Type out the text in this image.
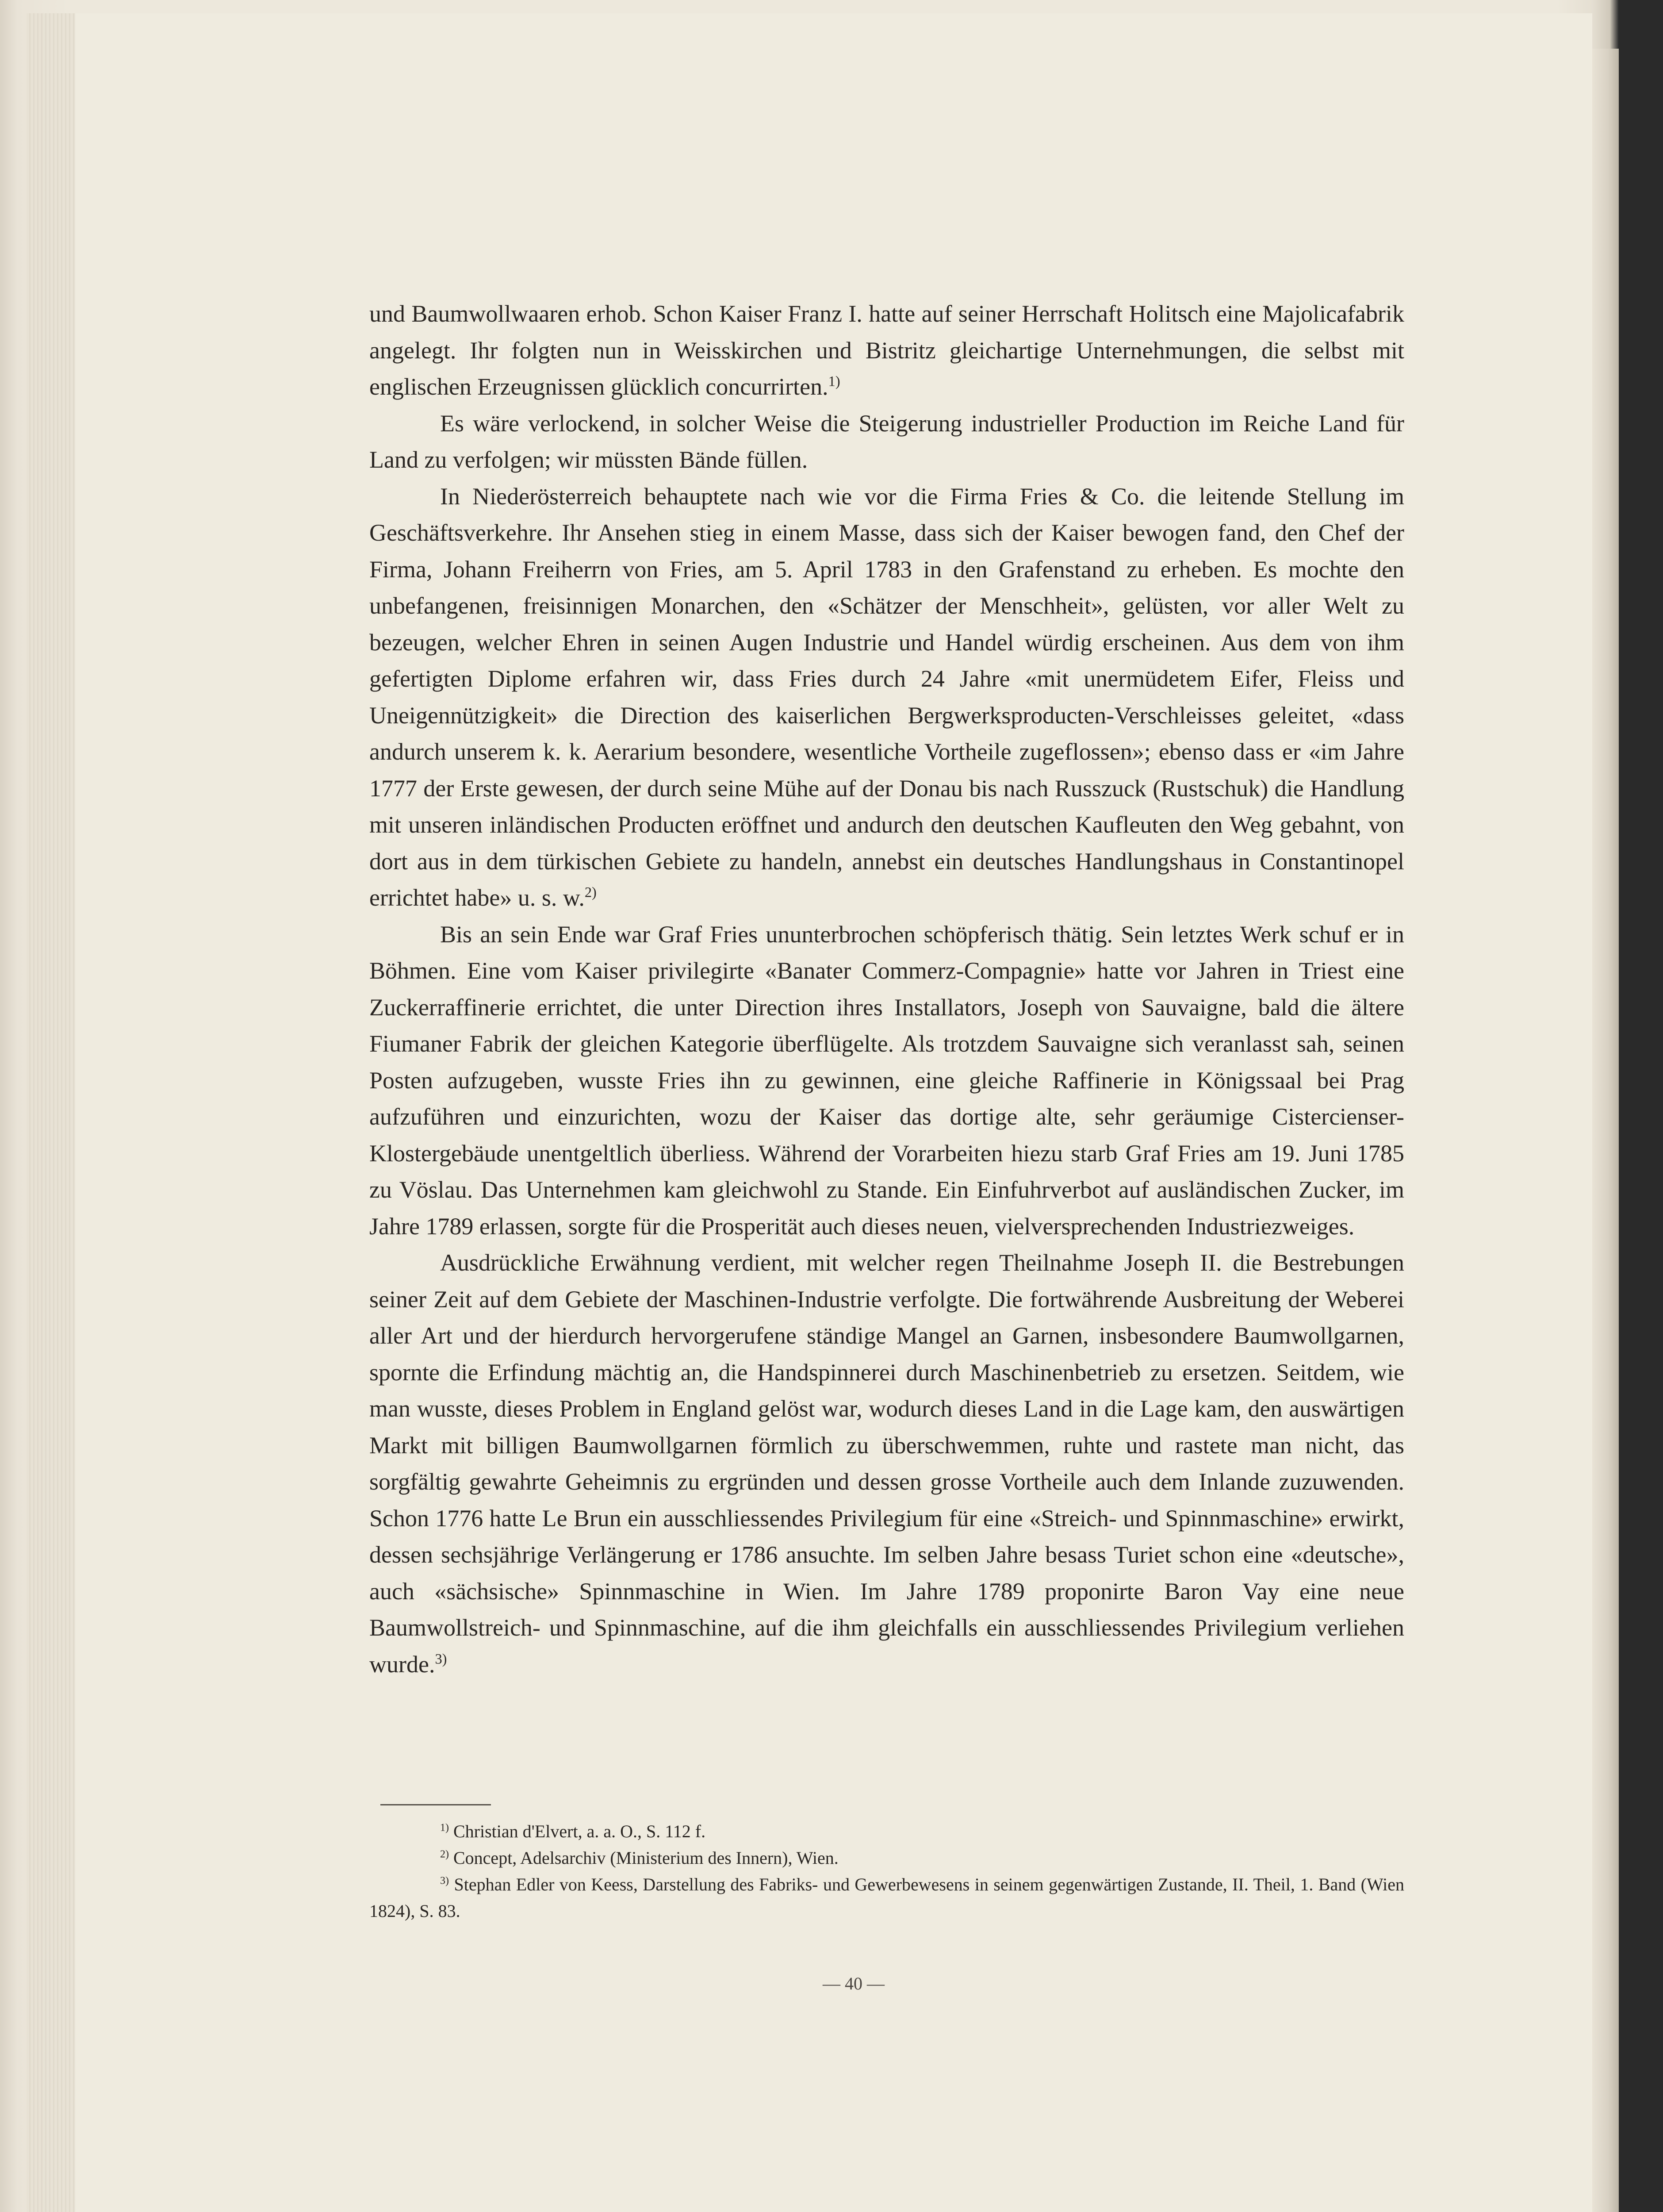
und Baumwollwaaren erhob. Schon Kaiser Franz I. hatte auf seiner Herrschaft Holitsch eine Majolicafabrik angelegt. Ihr folgten nun in Weisskirchen und Bistritz gleichartige Unternehmungen, die selbst mit englischen Erzeugnissen glücklich concurrirten.$^{1)}$

Es wäre verlockend, in solcher Weise die Steigerung industrieller Production im Reiche Land für Land zu verfolgen; wir müssten Bände füllen.

In Niederösterreich behauptete nach wie vor die Firma Fries & Co. die leitende Stellung im Geschäftsverkehre. Ihr Ansehen stieg in einem Masse, dass sich der Kaiser bewogen fand, den Chef der Firma, Johann Freiherrn von Fries, am 5. April 1783 in den Grafenstand zu erheben. Es mochte den unbefangenen, freisinnigen Monarchen, den «Schätzer der Menschheit», gelüsten, vor aller Welt zu bezeugen, welcher Ehren in seinen Augen Industrie und Handel würdig erscheinen. Aus dem von ihm gefertigten Diplome erfahren wir, dass Fries durch 24 Jahre «mit unermüdetem Eifer, Fleiss und Uneigennützigkeit» die Direction des kaiserlichen Bergwerksproducten-Verschleisses geleitet, «dass andurch unserem k. k. Aerarium besondere, wesentliche Vortheile zugeflossen»; ebenso dass er «im Jahre 1777 der Erste gewesen, der durch seine Mühe auf der Donau bis nach Russzuck (Rustschuk) die Handlung mit unseren inländischen Producten eröffnet und andurch den deutschen Kaufleuten den Weg gebahnt, von dort aus in dem türkischen Gebiete zu handeln, annebst ein deutsches Handlungshaus in Constantinopel errichtet habe» u. s. w.$^{2)}$

Bis an sein Ende war Graf Fries ununterbrochen schöpferisch thätig. Sein letztes Werk schuf er in Böhmen. Eine vom Kaiser privilegirte «Banater Commerz-Compagnie» hatte vor Jahren in Triest eine Zuckerraffinerie errichtet, die unter Direction ihres Installators, Joseph von Sauvaigne, bald die ältere Fiumaner Fabrik der gleichen Kategorie überflügelte. Als trotzdem Sauvaigne sich veranlasst sah, seinen Posten aufzugeben, wusste Fries ihn zu gewinnen, eine gleiche Raffinerie in Königssaal bei Prag aufzuführen und einzurichten, wozu der Kaiser das dortige alte, sehr geräumige Cistercienser-Klostergebäude unentgeltlich überliess. Während der Vorarbeiten hiezu starb Graf Fries am 19. Juni 1785 zu Vöslau. Das Unternehmen kam gleichwohl zu Stande. Ein Einfuhrverbot auf ausländischen Zucker, im Jahre 1789 erlassen, sorgte für die Prosperität auch dieses neuen, vielversprechenden Industriezweiges.

Ausdrückliche Erwähnung verdient, mit welcher regen Theilnahme Joseph II. die Bestrebungen seiner Zeit auf dem Gebiete der Maschinen-Industrie verfolgte. Die fortwährende Ausbreitung der Weberei aller Art und der hierdurch hervorgerufene ständige Mangel an Garnen, insbesondere Baumwollgarnen, spornte die Erfindung mächtig an, die Handspinnerei durch Maschinenbetrieb zu ersetzen. Seitdem, wie man wusste, dieses Problem in England gelöst war, wodurch dieses Land in die Lage kam, den auswärtigen Markt mit billigen Baumwollgarnen förmlich zu überschwemmen, ruhte und rastete man nicht, das sorgfältig gewahrte Geheimnis zu ergründen und dessen grosse Vortheile auch dem Inlande zuzuwenden. Schon 1776 hatte Le Brun ein ausschliessendes Privilegium für eine «Streich- und Spinnmaschine» erwirkt, dessen sechsjährige Verlängerung er 1786 ansuchte. Im selben Jahre besass Turiet schon eine «deutsche», auch «sächsische» Spinnmaschine in Wien. Im Jahre 1789 proponirte Baron Vay eine neue Baumwollstreich- und Spinnmaschine, auf die ihm gleichfalls ein ausschliessendes Privilegium verliehen wurde.$^{3)}$

$^{1)}$ Christian d'Elvert, a. a. O., S. 112 f.

$^{2)}$ Concept, Adelsarchiv (Ministerium des Innern), Wien.

$^{3)}$ Stephan Edler von Keess, Darstellung des Fabriks- und Gewerbewesens in seinem gegenwärtigen Zustande, II. Theil, 1. Band (Wien 1824), S. 83.

— 40 —
